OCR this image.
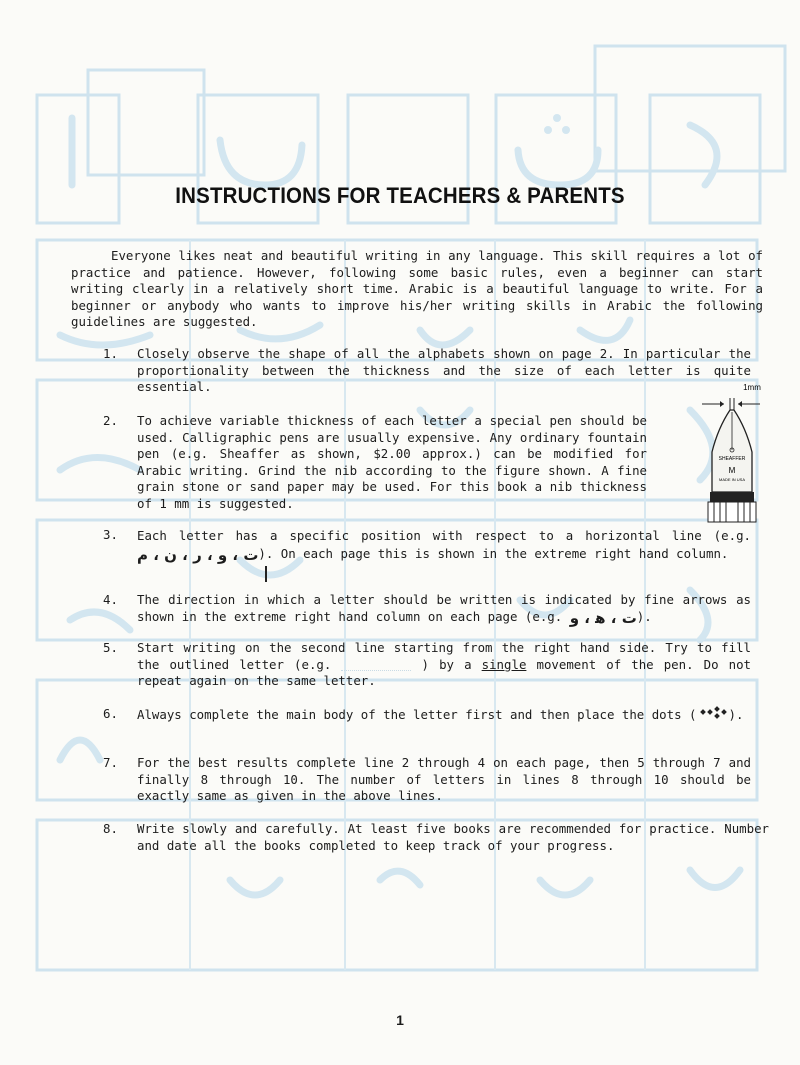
INSTRUCTIONS FOR TEACHERS & PARENTS

Everyone likes neat and beautiful writing in any language. This skill requires a lot of practice and patience. However, following some basic rules, even a beginner can start writing clearly in a relatively short time. Arabic is a beautiful language to write. For a beginner or anybody who wants to improve his/her writing skills in Arabic the following guidelines are suggested.

1.	Closely observe the shape of all the alphabets shown on page 2. In particular the proportionality between the thickness and the size of each letter is quite essential.
2.	To achieve variable thickness of each letter a special pen should be used. Calligraphic pens are usually expensive. Any ordinary fountain pen (e.g. Sheaffer as shown, $2.00 approx.) can be modified for Arabic writing. Grind the nib according to the figure shown. A fine grain stone or sand paper may be used. For this book a nib thickness of 1 mm is suggested.
3.	Each letter has a specific position with respect to a horizontal line (e.g. ت ، و ، ر ، ن ، م). On each page this is shown in the extreme right hand column.
4.	The direction in which a letter should be written is indicated by fine arrows as shown in the extreme right hand column on each page (e.g. ت ، ﻫ ، و).
5.	Start writing on the second line starting from the right hand side. Try to fill the outlined letter (e.g.	) by a single movement of the pen. Do not repeat again on the same letter.
6.	Always complete the main body of the letter first and then place the dots (	).
7.	For the best results complete line 2 through 4 on each page, then 5 through 7 and finally 8 through 10. The number of letters in lines 8 through 10 should be exactly same as given in the above lines.
8.	Write slowly and carefully. At least five books are recommended for practice. Number and date all the books completed to keep track of your progress.
1mm
SHEAFFER
M
MADE IN USA
1
